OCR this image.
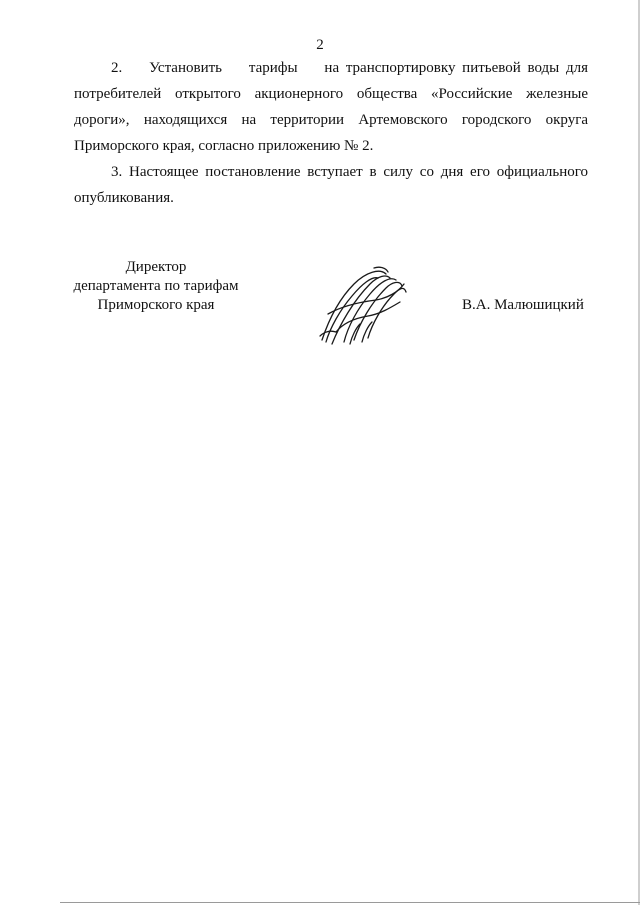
2

2.    Установить    тарифы    на транспортировку питьевой воды для потребителей открытого акционерного общества «Российские железные дороги», находящихся на территории Артемовского городского округа Приморского края, согласно приложению № 2.

3. Настоящее постановление вступает в силу со дня его официального опубликования.

Директор
департамента по тарифам
Приморского края	В.А. Малюшицкий
